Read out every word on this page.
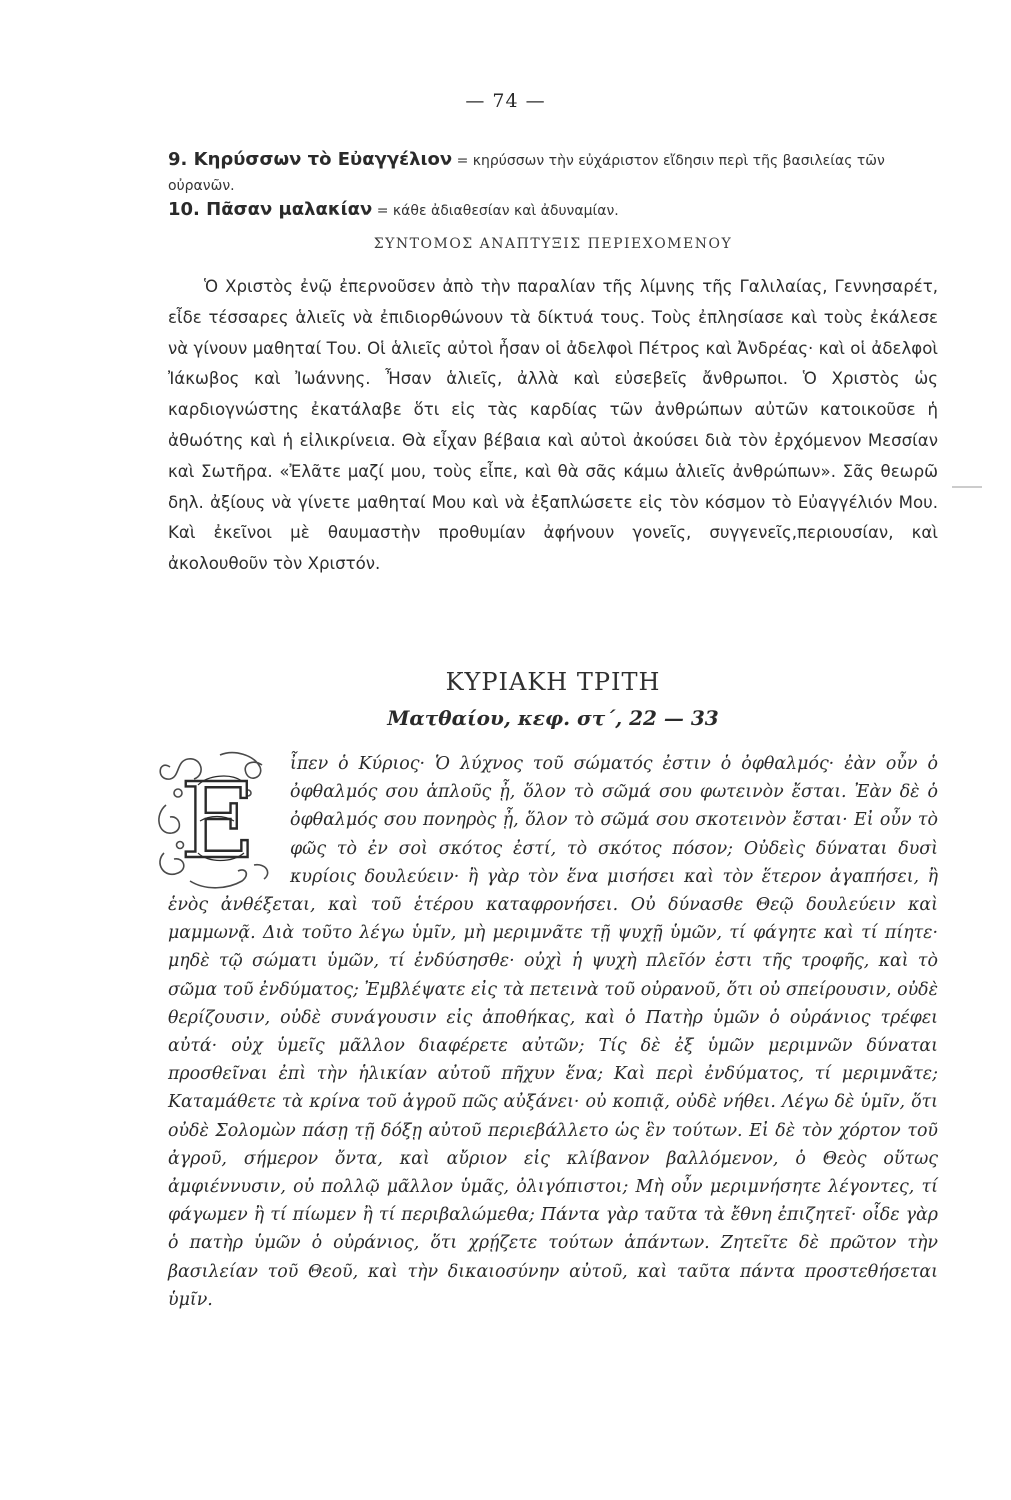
— 74 —

9. Κηρύσσων τὸ Εὐαγγέλιον = κηρύσσων τὴν εὐχάριστον εἴδησιν περὶ τῆς βασιλείας τῶν οὐρανῶν.

10. Πᾶσαν μαλακίαν = κάθε ἀδιαθεσίαν καὶ ἀδυναμίαν.

ΣΥΝΤΟΜΟΣ ΑΝΑΠΤΥΞΙΣ ΠΕΡΙΕΧΟΜΕΝΟΥ

Ὁ Χριστὸς ἐνῷ ἐπερνοῦσεν ἀπὸ τὴν παραλίαν τῆς λίμνης τῆς Γαλιλαίας, Γεννησαρέτ, εἶδε τέσσαρες ἁλιεῖς νὰ ἐπιδιορθώνουν τὰ δίκτυά τους. Τοὺς ἐπλησίασε καὶ τοὺς ἐκάλεσε νὰ γίνουν μαθηταί Του. Οἱ ἁλιεῖς αὐτοὶ ἦσαν οἱ ἀδελφοὶ Πέτρος καὶ Ἀνδρέας· καὶ οἱ ἀδελφοὶ Ἰάκωβος καὶ Ἰωάννης. Ἦσαν ἁλιεῖς, ἀλλὰ καὶ εὐσεβεῖς ἄνθρωποι. Ὁ Χριστὸς ὡς καρδιογνώστης ἐκατάλαβε ὅτι εἰς τὰς καρδίας τῶν ἀνθρώπων αὐτῶν κατοικοῦσε ἡ ἀθωότης καὶ ἡ εἰλικρίνεια. Θὰ εἶχαν βέβαια καὶ αὐτοὶ ἀκούσει διὰ τὸν ἐρχόμενον Μεσσίαν καὶ Σωτῆρα. «Ἐλᾶτε μαζί μου, τοὺς εἶπε, καὶ θὰ σᾶς κάμω ἁλιεῖς ἀνθρώπων». Σᾶς θεωρῶ δηλ. ἀξίους νὰ γίνετε μαθηταί Μου καὶ νὰ ἐξαπλώσετε εἰς τὸν κόσμον τὸ Εὐαγγέλιόν Μου. Καὶ ἐκεῖνοι μὲ θαυμαστὴν προθυμίαν ἀφήνουν γονεῖς, συγγενεῖς,περιουσίαν, καὶ ἀκολουθοῦν τὸν Χριστόν.

ΚΥΡΙΑΚΗ ΤΡΙΤΗ
Ματθαίου, κεφ. στ΄, 22 — 33
Ε	ἶπεν ὁ Κύριος· Ὁ λύχνος τοῦ σώματός ἐστιν ὁ ὀφθαλμός· ἐὰν οὖν ὁ ὀφθαλμός σου ἁπλοῦς ᾖ, ὅλον τὸ σῶμά σου φωτεινὸν ἔσται. Ἐὰν δὲ ὁ ὀφθαλμός σου πονηρὸς ᾖ, ὅλον τὸ σῶμά σου σκοτεινὸν ἔσται· Εἰ οὖν τὸ φῶς τὸ ἐν σοὶ σκότος ἐστί, τὸ σκότος πόσον; Οὐδεὶς δύναται δυσὶ κυρίοις δουλεύειν· ἢ γὰρ τὸν ἕνα μισήσει καὶ τὸν ἕτερον ἀγαπήσει, ἢ ἑνὸς ἀνθέξεται, καὶ τοῦ ἑτέρου καταφρονήσει. Οὐ δύνασθε Θεῷ δουλεύειν καὶ μαμμωνᾷ. Διὰ τοῦτο λέγω ὑμῖν, μὴ μεριμνᾶτε τῇ ψυχῇ ὑμῶν, τί φάγητε καὶ τί πίητε· μηδὲ τῷ σώματι ὑμῶν, τί ἐνδύσησθε· οὐχὶ ἡ ψυχὴ πλεῖόν ἐστι τῆς τροφῆς, καὶ τὸ σῶμα τοῦ ἐνδύματος; Ἐμβλέψατε εἰς τὰ πετεινὰ τοῦ οὐρανοῦ, ὅτι οὐ σπείρουσιν, οὐδὲ θερίζουσιν, οὐδὲ συνάγουσιν εἰς ἀποθήκας, καὶ ὁ Πατὴρ ὑμῶν ὁ οὐράνιος τρέφει αὐτά· οὐχ ὑμεῖς μᾶλλον διαφέρετε αὐτῶν; Τίς δὲ ἐξ ὑμῶν μεριμνῶν δύναται προσθεῖναι ἐπὶ τὴν ἡλικίαν αὐτοῦ πῆχυν ἕνα; Καὶ περὶ ἐνδύματος, τί μεριμνᾶτε; Καταμάθετε τὰ κρίνα τοῦ ἀγροῦ πῶς αὐξάνει· οὐ κοπιᾷ, οὐδὲ νήθει. Λέγω δὲ ὑμῖν, ὅτι οὐδὲ Σολομὼν πάσῃ τῇ δόξῃ αὐτοῦ περιεβάλλετο ὡς ἓν τούτων. Εἰ δὲ τὸν χόρτον τοῦ ἀγροῦ, σήμερον ὄντα, καὶ αὔριον εἰς κλίβανον βαλλόμενον, ὁ Θεὸς οὕτως ἀμφιέννυσιν, οὐ πολλῷ μᾶλλον ὑμᾶς, ὀλιγόπιστοι; Μὴ οὖν μεριμνήσητε λέγοντες, τί φάγωμεν ἢ τί πίωμεν ἢ τί περιβαλώμεθα; Πάντα γὰρ ταῦτα τὰ ἔθνη ἐπιζητεῖ· οἶδε γὰρ ὁ πατὴρ ὑμῶν ὁ οὐράνιος, ὅτι χρῄζετε τούτων ἁπάντων. Ζητεῖτε δὲ πρῶτον τὴν βασιλείαν τοῦ Θεοῦ, καὶ τὴν δικαιοσύνην αὐτοῦ, καὶ ταῦτα πάντα προστεθήσεται ὑμῖν.
